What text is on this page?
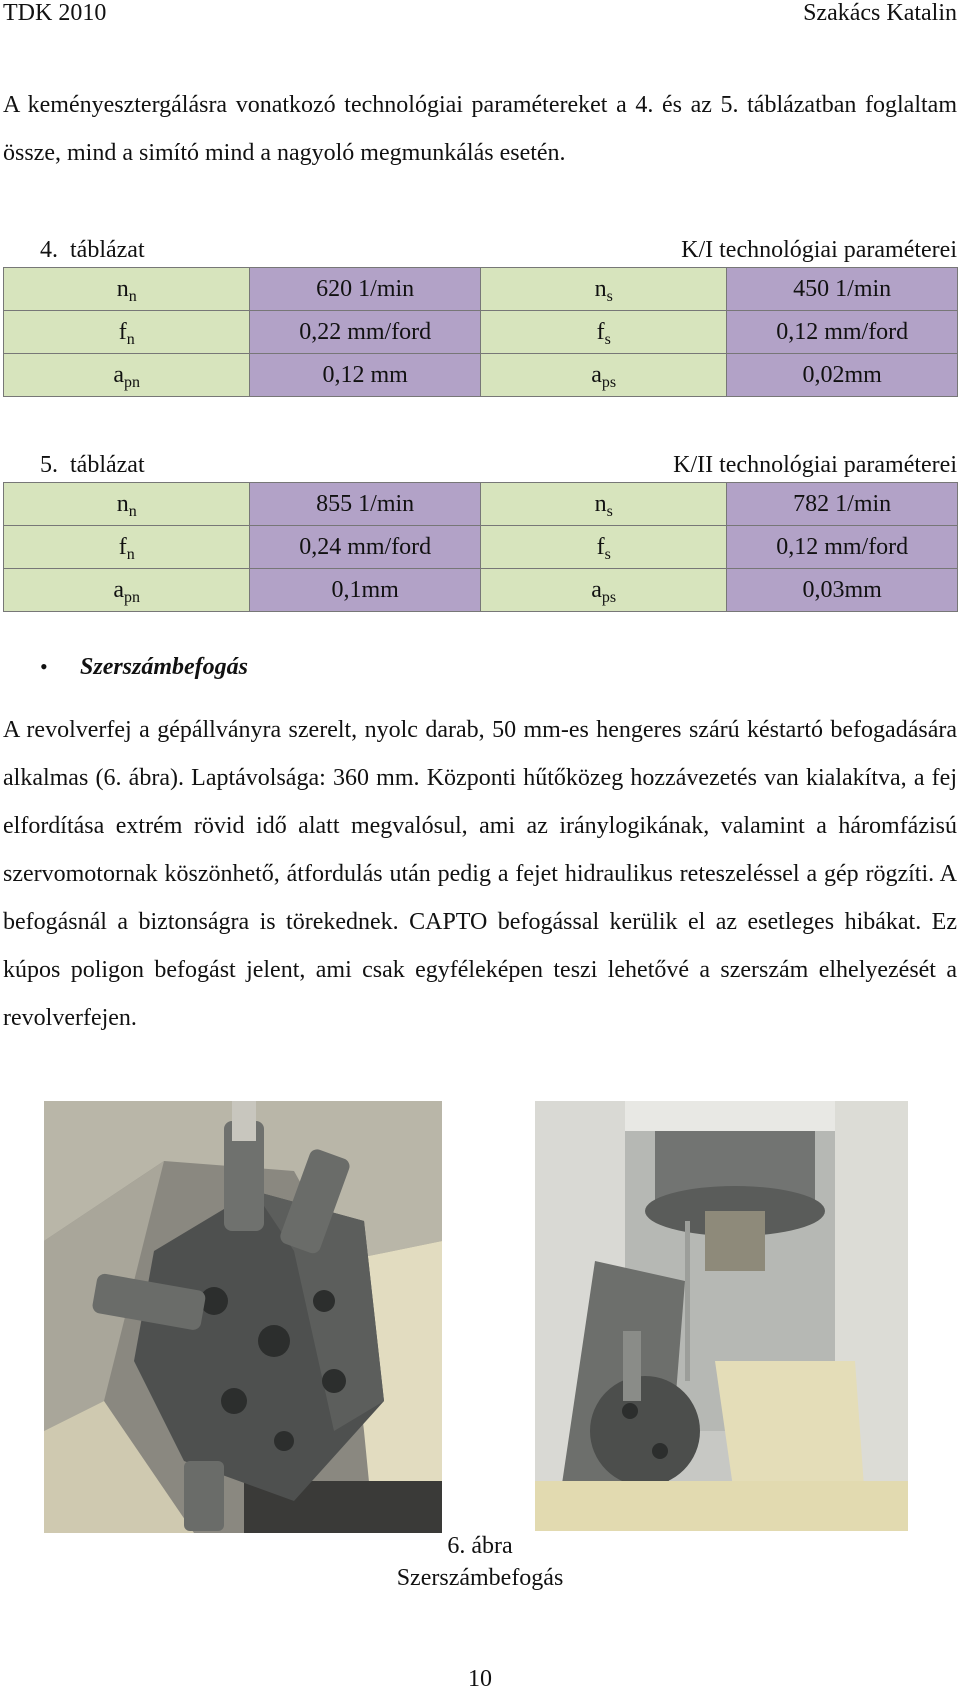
TDK 2010	Szakács Katalin

A keményesztergálásra vonatkozó technológiai paramétereket a 4. és az 5. táblázatban foglaltam össze, mind a simító mind a nagyoló megmunkálás esetén.

4. táblázat	K/I technológiai paraméterei
$n_n$	620 1/min	$n_s$	450 1/min
$f_n$	0,22 mm/ford	$f_s$	0,12 mm/ford
$a_{pn}$	0,12 mm	$a_{ps}$	0,02mm
5. táblázat	K/II technológiai paraméterei
$n_n$	855 1/min	$n_s$	782 1/min
$f_n$	0,24 mm/ford	$f_s$	0,12 mm/ford
$a_{pn}$	0,1mm	$a_{ps}$	0,03mm
• Szerszámbefogás

A revolverfej a gépállványra szerelt, nyolc darab, 50 mm-es hengeres szárú késtartó befogadására alkalmas (6. ábra). Laptávolsága: 360 mm. Központi hűtőközeg hozzávezetés van kialakítva, a fej elfordítása extrém rövid idő alatt megvalósul, ami az iránylogikának, valamint a háromfázisú szervomotornak köszönhető, átfordulás után pedig a fejet hidraulikus reteszeléssel a gép rögzíti. A befogásnál a biztonságra is törekednek. CAPTO befogással kerülik el az esetleges hibákat. Ez kúpos poligon befogást jelent, ami csak egyféleképen teszi lehetővé a szerszám elhelyezését a revolverfejen.

6. ábra
Szerszámbefogás
10
